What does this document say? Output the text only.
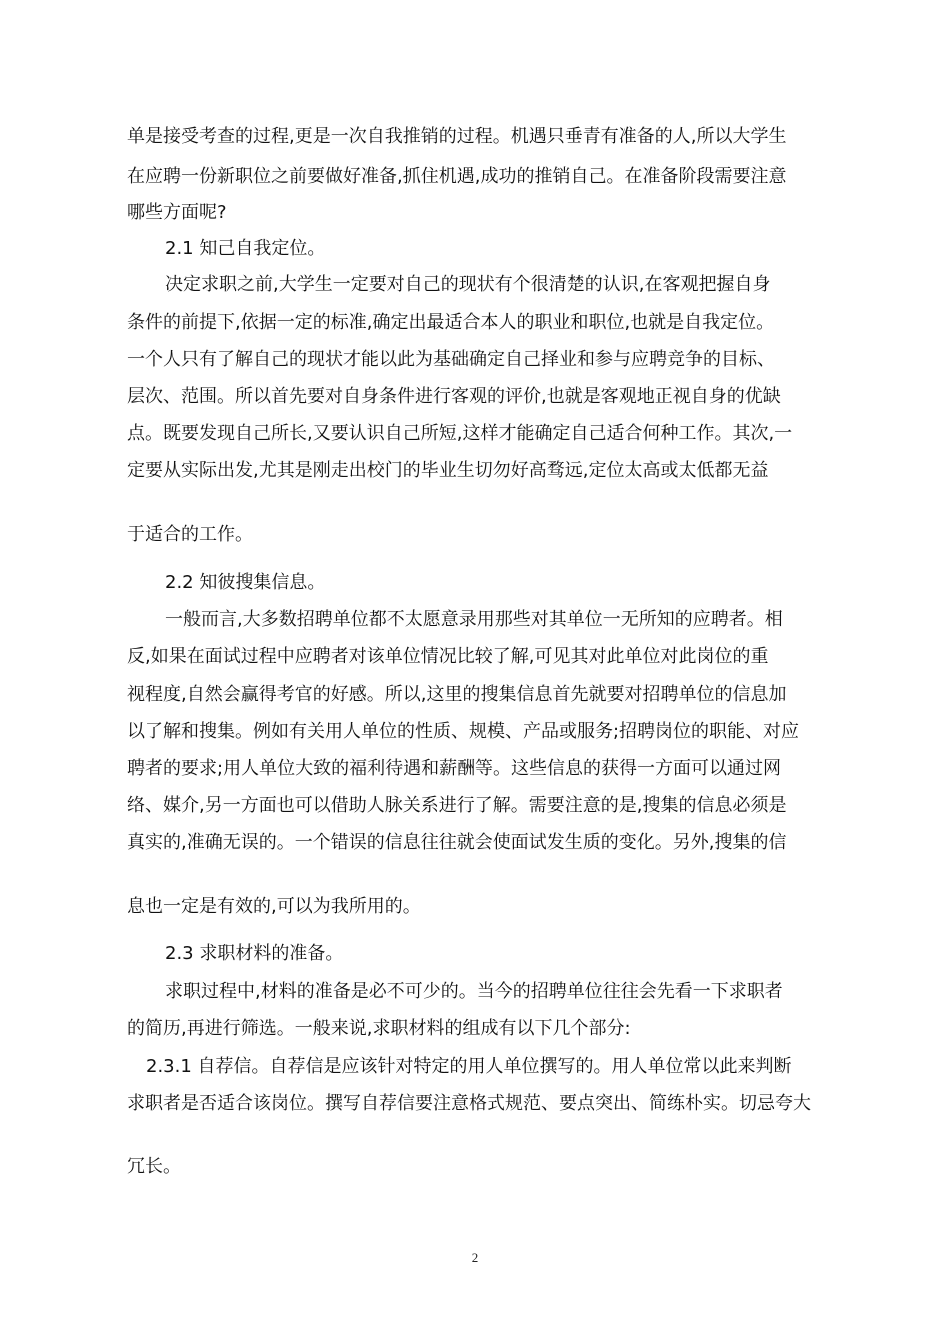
单是接受考查的过程,更是一次自我推销的过程。机遇只垂青有准备的人,所以大学生
在应聘一份新职位之前要做好准备,抓住机遇,成功的推销自己。在准备阶段需要注意
哪些方面呢?
2.1 知己自我定位。
决定求职之前,大学生一定要对自己的现状有个很清楚的认识,在客观把握自身
条件的前提下,依据一定的标准,确定出最适合本人的职业和职位,也就是自我定位。
一个人只有了解自己的现状才能以此为基础确定自己择业和参与应聘竞争的目标、
层次、范围。所以首先要对自身条件进行客观的评价,也就是客观地正视自身的优缺
点。既要发现自己所长,又要认识自己所短,这样才能确定自己适合何种工作。其次,一
定要从实际出发,尤其是刚走出校门的毕业生切勿好高骛远,定位太高或太低都无益
于适合的工作。
2.2 知彼搜集信息。
一般而言,大多数招聘单位都不太愿意录用那些对其单位一无所知的应聘者。相
反,如果在面试过程中应聘者对该单位情况比较了解,可见其对此单位对此岗位的重
视程度,自然会赢得考官的好感。所以,这里的搜集信息首先就要对招聘单位的信息加
以了解和搜集。例如有关用人单位的性质、规模、产品或服务;招聘岗位的职能、对应
聘者的要求;用人单位大致的福利待遇和薪酬等。这些信息的获得一方面可以通过网
络、媒介,另一方面也可以借助人脉关系进行了解。需要注意的是,搜集的信息必须是
真实的,准确无误的。一个错误的信息往往就会使面试发生质的变化。另外,搜集的信
息也一定是有效的,可以为我所用的。
2.3 求职材料的准备。
求职过程中,材料的准备是必不可少的。当今的招聘单位往往会先看一下求职者
的简历,再进行筛选。一般来说,求职材料的组成有以下几个部分:
2.3.1 自荐信。自荐信是应该针对特定的用人单位撰写的。用人单位常以此来判断
求职者是否适合该岗位。撰写自荐信要注意格式规范、要点突出、简练朴实。切忌夸大
冗长。
2
